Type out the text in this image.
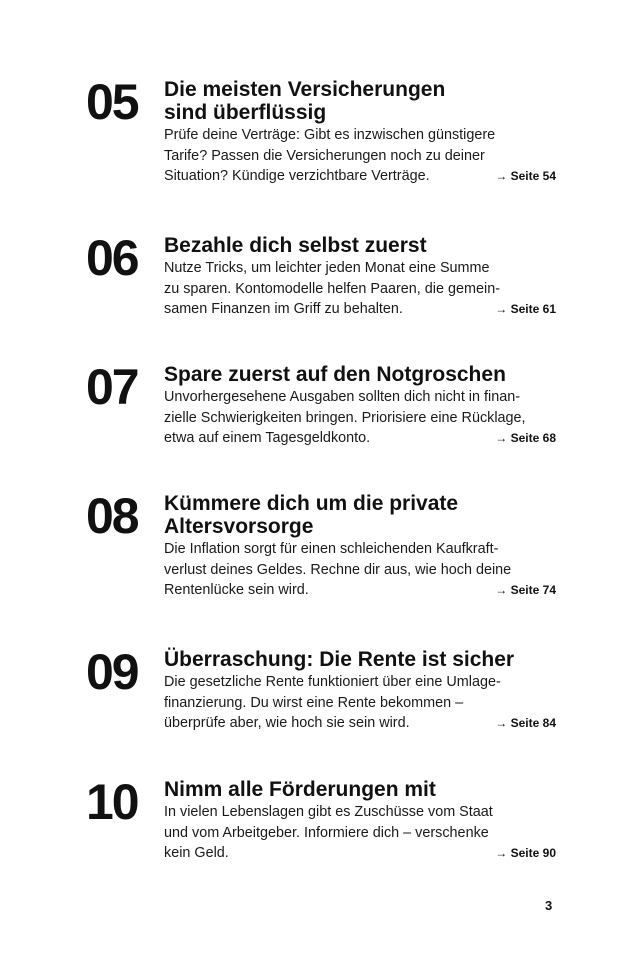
05 Die meisten Versicherungen
sind überflüssig

Prüfe deine Verträge: Gibt es inzwischen günstigere
Tarife? Passen die Versicherungen noch zu deiner
Situation? Kündige verzichtbare Verträge.	→ Seite 54
06 Bezahle dich selbst zuerst

Nutze Tricks, um leichter jeden Monat eine Summe
zu sparen. Kontomodelle helfen Paaren, die gemein-
samen Finanzen im Griff zu behalten.	→ Seite 61
07 Spare zuerst auf den Notgroschen

Unvorhergesehene Ausgaben sollten dich nicht in finan-
zielle Schwierigkeiten bringen. Priorisiere eine Rücklage,
etwa auf einem Tagesgeldkonto.	→ Seite 68
08 Kümmere dich um die private
Altersvorsorge

Die Inflation sorgt für einen schleichenden Kaufkraft-
verlust deines Geldes. Rechne dir aus, wie hoch deine
Rentenlücke sein wird.	→ Seite 74
09 Überraschung: Die Rente ist sicher

Die gesetzliche Rente funktioniert über eine Umlage-
finanzierung. Du wirst eine Rente bekommen –
überprüfe aber, wie hoch sie sein wird.	→ Seite 84
10 Nimm alle Förderungen mit

In vielen Lebenslagen gibt es Zuschüsse vom Staat
und vom Arbeitgeber. Informiere dich – verschenke
kein Geld.	→ Seite 90
3
